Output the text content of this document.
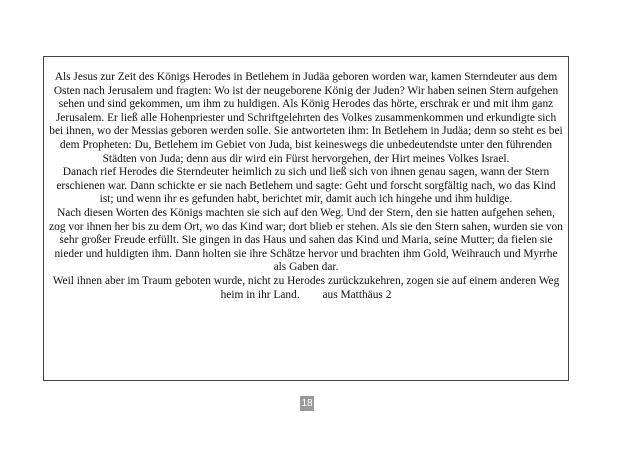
Als Jesus zur Zeit des Königs Herodes in Betlehem in Judäa geboren worden war, kamen Sterndeuter aus dem Osten nach Jerusalem und fragten: Wo ist der neugeborene König der Juden? Wir haben seinen Stern aufgehen sehen und sind gekommen, um ihm zu huldigen. Als König Herodes das hörte, erschrak er und mit ihm ganz Jerusalem. Er ließ alle Hohenpriester und Schriftgelehrten des Volkes zusammenkommen und erkundigte sich bei ihnen, wo der Messias geboren werden solle. Sie antworteten ihm: In Betlehem in Judäa; denn so steht es bei dem Propheten: Du, Betlehem im Gebiet von Juda, bist keineswegs die unbedeutendste unter den führenden Städten von Juda; denn aus dir wird ein Fürst hervorgehen, der Hirt meines Volkes Israel.

Danach rief Herodes die Sterndeuter heimlich zu sich und ließ sich von ihnen genau sagen, wann der Stern erschienen war. Dann schickte er sie nach Betlehem und sagte: Geht und forscht sorgfältig nach, wo das Kind ist; und wenn ihr es gefunden habt, berichtet mir, damit auch ich hingehe und ihm huldige.

Nach diesen Worten des Königs machten sie sich auf den Weg. Und der Stern, den sie hatten aufgehen sehen, zog vor ihnen her bis zu dem Ort, wo das Kind war; dort blieb er stehen. Als sie den Stern sahen, wurden sie von sehr großer Freude erfüllt. Sie gingen in das Haus und sahen das Kind und Maria, seine Mutter; da fielen sie nieder und huldigten ihm. Dann holten sie ihre Schätze hervor und brachten ihm Gold, Weihrauch und Myrrhe als Gaben dar.

Weil ihnen aber im Traum geboten wurde, nicht zu Herodes zurückzukehren, zogen sie auf einem anderen Weg heim in ihr Land.        aus Matthäus 2

18
